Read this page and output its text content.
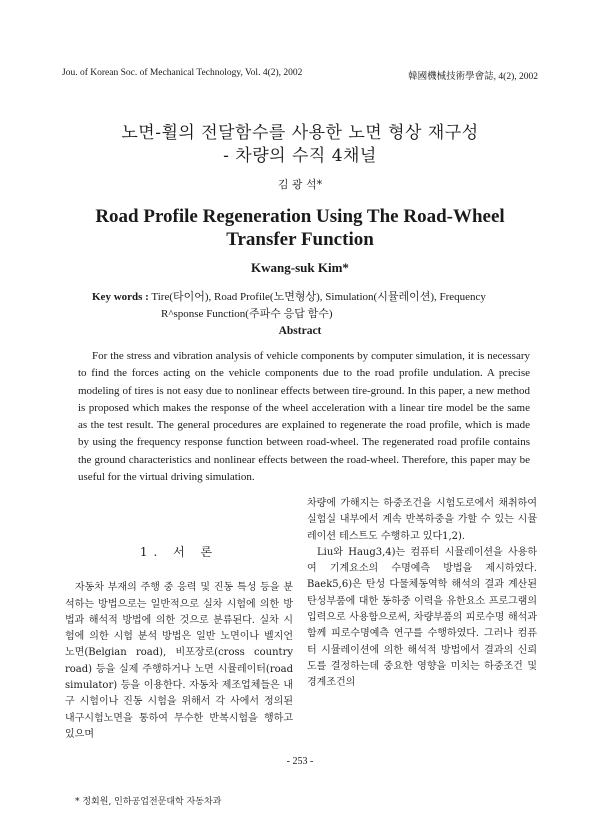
Jou. of Korean Soc. of Mechanical Technology, Vol. 4(2), 2002	韓國機械技術學會誌, 4(2), 2002
노면-휠의 전달함수를 사용한 노면 형상 재구성
- 차량의 수직 4채널
김 광 석*
Road Profile Regeneration Using The Road-Wheel
Transfer Function
Kwang-suk Kim*
Key words : Tire(타이어), Road Profile(노면형상), Simulation(시뮬레이션), Frequency
R^sponse Function(주파수 응답 함수)
Abstract

For the stress and vibration analysis of vehicle components by computer simulation, it is necessary to find the forces acting on the vehicle components due to the road profile undulation. A precise modeling of tires is not easy due to nonlinear effects between tire-ground. In this paper, a new method is proposed which makes the response of the wheel acceleration with a linear tire model be the same as the test result. The general procedures are explained to regenerate the road profile, which is made by using the frequency response function between road-wheel. The regenerated road profile contains the ground characteristics and nonlinear effects between the road-wheel. Therefore, this paper may be useful for the virtual driving simulation.

1. 서 론

자동차 부재의 주행 중 응력 및 진동 특성 등을 분석하는 방법으로는 일반적으로 실차 시험에 의한 방법과 해석적 방법에 의한 것으로 분류된다. 실차 시험에 의한 시험 분석 방법은 일반 노면이나 벨지언 노면(Belgian road), 비포장로(cross country road) 등을 실제 주행하거나 노면 시뮬레이터(road simulator) 등을 이용한다. 자동차 제조업체들은 내구 시험이나 진동 시험을 위해서 각 사에서 정의된 내구시험노면을 통하여 무수한 반복시험을 행하고 있으며

차량에 가해지는 하중조건을 시험도로에서 채취하여 실험실 내부에서 계속 반복하중을 가할 수 있는 시뮬레이션 테스트도 수행하고 있다1,2).

Liu와 Haug3,4)는 컴퓨터 시뮬레이션을 사용하여 기계요소의 수명예측 방법을 제시하였다. Baek5,6)은 탄성 다물체동역학 해석의 결과 계산된 탄성부품에 대한 동하중 이력을 유한요소 프로그램의 입력으로 사용함으로써, 차량부품의 피로수명 해석과 함께 피로수명예측 연구를 수행하였다. 그러나 컴퓨터 시뮬레이션에 의한 해석적 방법에서 결과의 신뢰도를 결정하는데 중요한 영향을 미치는 하중조건 및 경계조건의

- 253 -
* 정회원, 인하공업전문대학 자동차과
